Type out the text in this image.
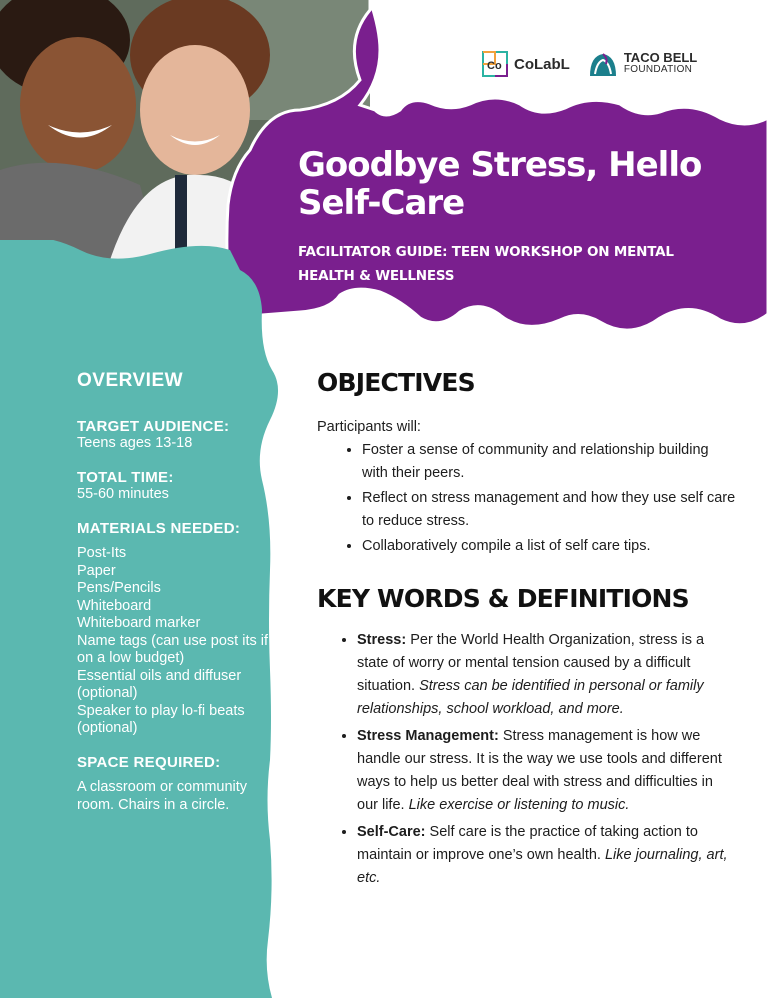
Co CoLabL	TACO BELL
FOUNDATION
Goodbye Stress, Hello Self-Care

FACILITATOR GUIDE: TEEN WORKSHOP ON MENTAL HEALTH & WELLNESS

OVERVIEW

TARGET AUDIENCE:

Teens ages 13-18

TOTAL TIME:

55-60 minutes

MATERIALS NEEDED:

Post-Its
Paper
Pens/Pencils
Whiteboard
Whiteboard marker
Name tags (can use post its if on a low budget)
Essential oils and diffuser (optional)
Speaker to play lo-fi beats (optional)

SPACE REQUIRED:

A classroom or community room. Chairs in a circle.

OBJECTIVES

Participants will:

• Foster a sense of community and relationship building with their peers.
• Reflect on stress management and how they use self care to reduce stress.
• Collaboratively compile a list of self care tips.
KEY WORDS & DEFINITIONS
• Stress: Per the World Health Organization, stress is a state of worry or mental tension caused by a difficult situation. Stress can be identified in personal or family relationships, school workload, and more.
• Stress Management: Stress management is how we handle our stress. It is the way we use tools and different ways to help us better deal with stress and difficulties in our life. Like exercise or listening to music.
• Self-Care: Self care is the practice of taking action to maintain or improve one’s own health. Like journaling, art, etc.
